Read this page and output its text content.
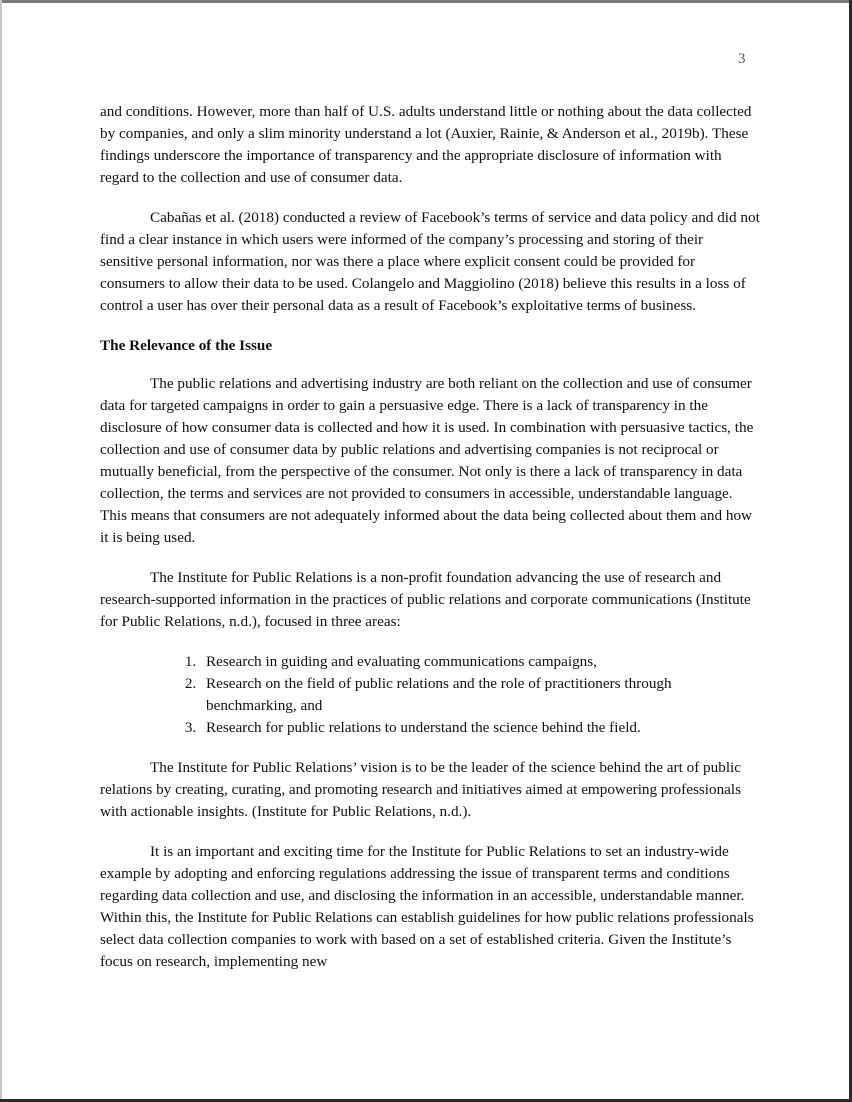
3

and conditions. However, more than half of U.S. adults understand little or nothing about the data collected by companies, and only a slim minority understand a lot (Auxier, Rainie, & Anderson et al., 2019b). These findings underscore the importance of transparency and the appropriate disclosure of information with regard to the collection and use of consumer data.

Cabañas et al. (2018) conducted a review of Facebook’s terms of service and data policy and did not find a clear instance in which users were informed of the company’s processing and storing of their sensitive personal information, nor was there a place where explicit consent could be provided for consumers to allow their data to be used. Colangelo and Maggiolino (2018) believe this results in a loss of control a user has over their personal data as a result of Facebook’s exploitative terms of business.

The Relevance of the Issue

The public relations and advertising industry are both reliant on the collection and use of consumer data for targeted campaigns in order to gain a persuasive edge. There is a lack of transparency in the disclosure of how consumer data is collected and how it is used. In combination with persuasive tactics, the collection and use of consumer data by public relations and advertising companies is not reciprocal or mutually beneficial, from the perspective of the consumer. Not only is there a lack of transparency in data collection, the terms and services are not provided to consumers in accessible, understandable language. This means that consumers are not adequately informed about the data being collected about them and how it is being used.

The Institute for Public Relations is a non-profit foundation advancing the use of research and research-supported information in the practices of public relations and corporate communications (Institute for Public Relations, n.d.), focused in three areas:

1. Research in guiding and evaluating communications campaigns,
2. Research on the field of public relations and the role of practitioners through benchmarking, and
3. Research for public relations to understand the science behind the field.

The Institute for Public Relations’ vision is to be the leader of the science behind the art of public relations by creating, curating, and promoting research and initiatives aimed at empowering professionals with actionable insights. (Institute for Public Relations, n.d.).

It is an important and exciting time for the Institute for Public Relations to set an industry-wide example by adopting and enforcing regulations addressing the issue of transparent terms and conditions regarding data collection and use, and disclosing the information in an accessible, understandable manner. Within this, the Institute for Public Relations can establish guidelines for how public relations professionals select data collection companies to work with based on a set of established criteria. Given the Institute’s focus on research, implementing new
